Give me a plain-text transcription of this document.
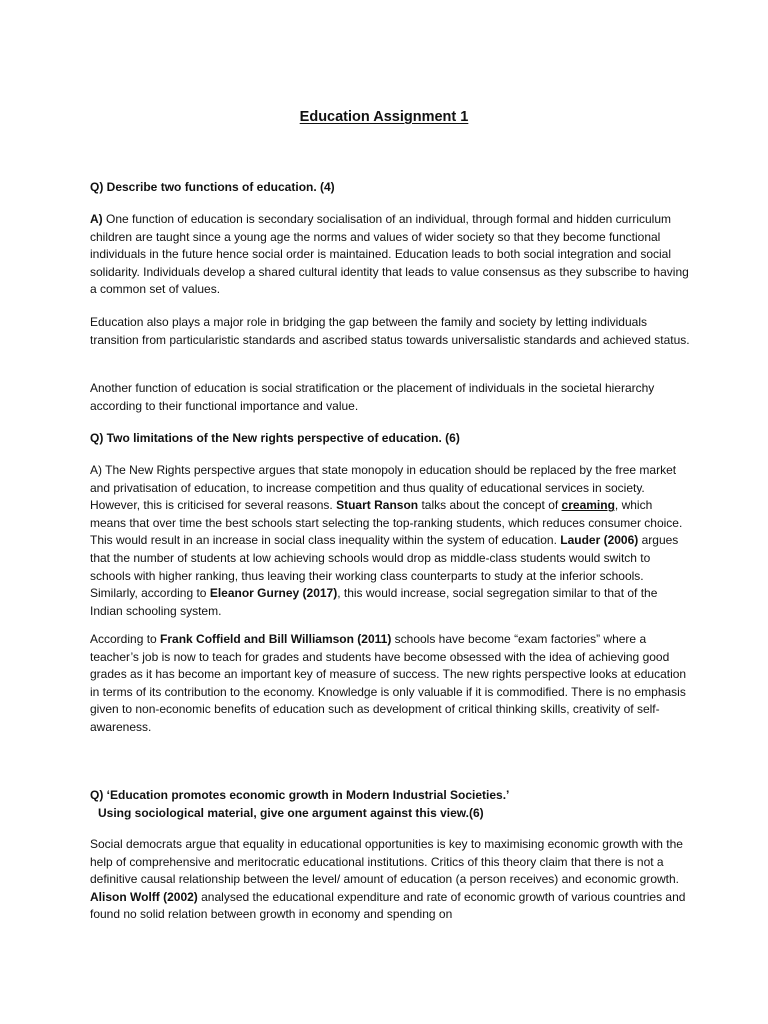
Education Assignment 1
Q) Describe two functions of education. (4)
A) One function of education is secondary socialisation of an individual, through formal and hidden curriculum children are taught since a young age the norms and values of wider society so that they become functional individuals in the future hence social order is maintained. Education leads to both social integration and social solidarity. Individuals develop a shared cultural identity that leads to value consensus as they subscribe to having a common set of values.
Education also plays a major role in bridging the gap between the family and society by letting individuals transition from particularistic standards and ascribed status towards universalistic standards and achieved status.
Another function of education is social stratification or the placement of individuals in the societal hierarchy according to their functional importance and value.
Q) Two limitations of the New rights perspective of education. (6)
A) The New Rights perspective argues that state monopoly in education should be replaced by the free market and privatisation of education, to increase competition and thus quality of educational services in society. However, this is criticised for several reasons. Stuart Ranson talks about the concept of creaming, which means that over time the best schools start selecting the top-ranking students, which reduces consumer choice. This would result in an increase in social class inequality within the system of education. Lauder (2006) argues that the number of students at low achieving schools would drop as middle-class students would switch to schools with higher ranking, thus leaving their working class counterparts to study at the inferior schools. Similarly, according to Eleanor Gurney (2017), this would increase, social segregation similar to that of the Indian schooling system.
According to Frank Coffield and Bill Williamson (2011) schools have become “exam factories” where a teacher’s job is now to teach for grades and students have become obsessed with the idea of achieving good grades as it has become an important key of measure of success. The new rights perspective looks at education in terms of its contribution to the economy. Knowledge is only valuable if it is commodified. There is no emphasis given to non-economic benefits of education such as development of critical thinking skills, creativity of self-awareness.
Q) ‘Education promotes economic growth in Modern Industrial Societies.’
Using sociological material, give one argument against this view.(6)
Social democrats argue that equality in educational opportunities is key to maximising economic growth with the help of comprehensive and meritocratic educational institutions. Critics of this theory claim that there is not a definitive causal relationship between the level/ amount of education (a person receives) and economic growth. Alison Wolff (2002) analysed the educational expenditure and rate of economic growth of various countries and found no solid relation between growth in economy and spending on
